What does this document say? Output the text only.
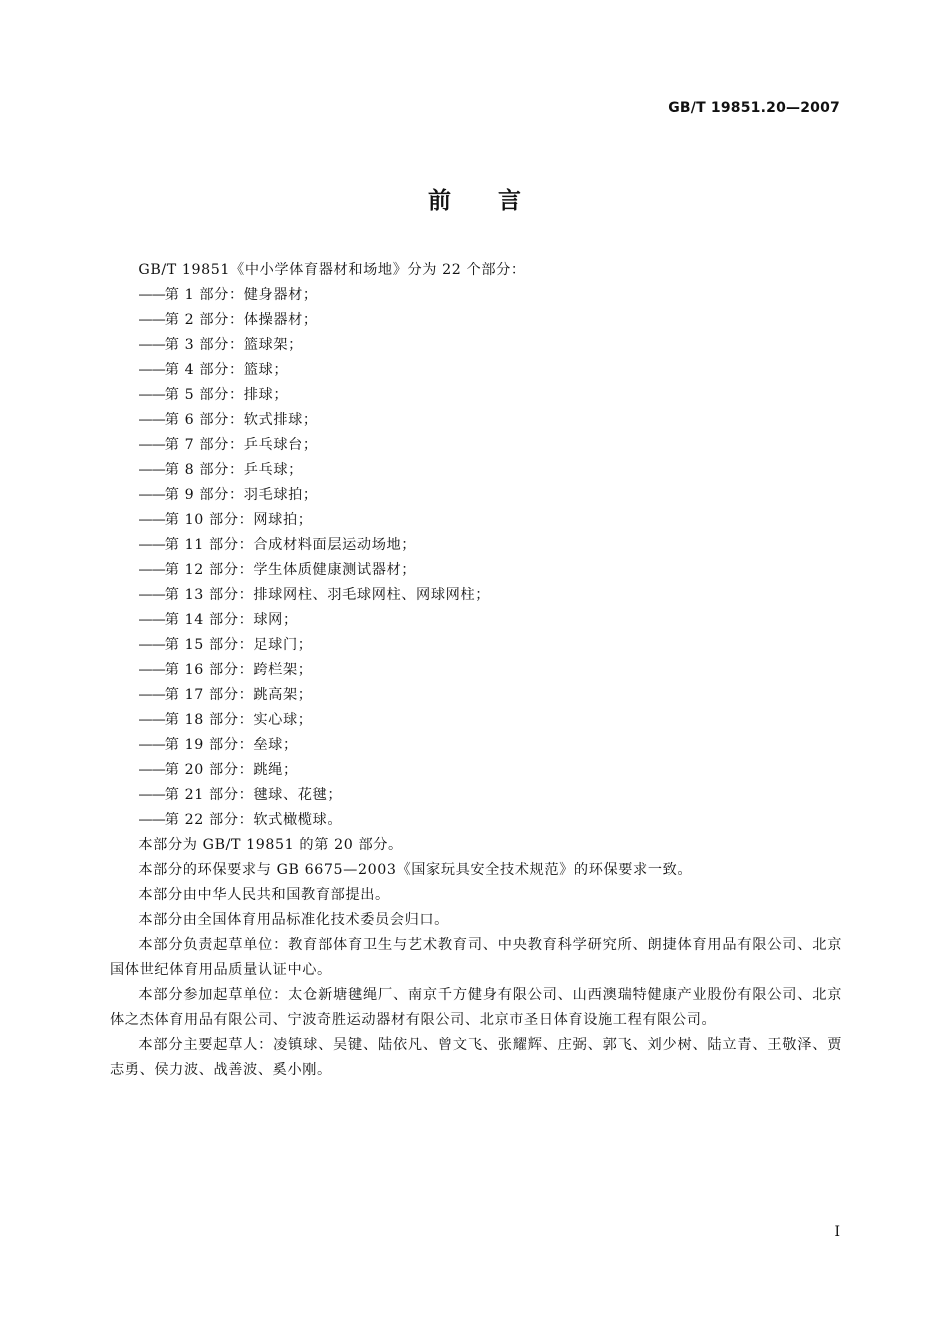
GB/T 19851.20—2007
前 言

GB/T 19851《中小学体育器材和场地》分为 22 个部分：

——第 1 部分：健身器材；
——第 2 部分：体操器材；
——第 3 部分：篮球架；
——第 4 部分：篮球；
——第 5 部分：排球；
——第 6 部分：软式排球；
——第 7 部分：乒乓球台；
——第 8 部分：乒乓球；
——第 9 部分：羽毛球拍；
——第 10 部分：网球拍；
——第 11 部分：合成材料面层运动场地；
——第 12 部分：学生体质健康测试器材；
——第 13 部分：排球网柱、羽毛球网柱、网球网柱；
——第 14 部分：球网；
——第 15 部分：足球门；
——第 16 部分：跨栏架；
——第 17 部分：跳高架；
——第 18 部分：实心球；
——第 19 部分：垒球；
——第 20 部分：跳绳；
——第 21 部分：毽球、花毽；
——第 22 部分：软式橄榄球。

本部分为 GB/T 19851 的第 20 部分。

本部分的环保要求与 GB 6675—2003《国家玩具安全技术规范》的环保要求一致。

本部分由中华人民共和国教育部提出。

本部分由全国体育用品标准化技术委员会归口。

本部分负责起草单位：教育部体育卫生与艺术教育司、中央教育科学研究所、朗捷体育用品有限公司、北京国体世纪体育用品质量认证中心。

本部分参加起草单位：太仓新塘毽绳厂、南京千方健身有限公司、山西澳瑞特健康产业股份有限公司、北京体之杰体育用品有限公司、宁波奇胜运动器材有限公司、北京市圣日体育设施工程有限公司。

本部分主要起草人：凌镇球、吴键、陆依凡、曾文飞、张耀辉、庄弼、郭飞、刘少树、陆立青、王敬泽、贾志勇、侯力波、战善波、奚小刚。

I
